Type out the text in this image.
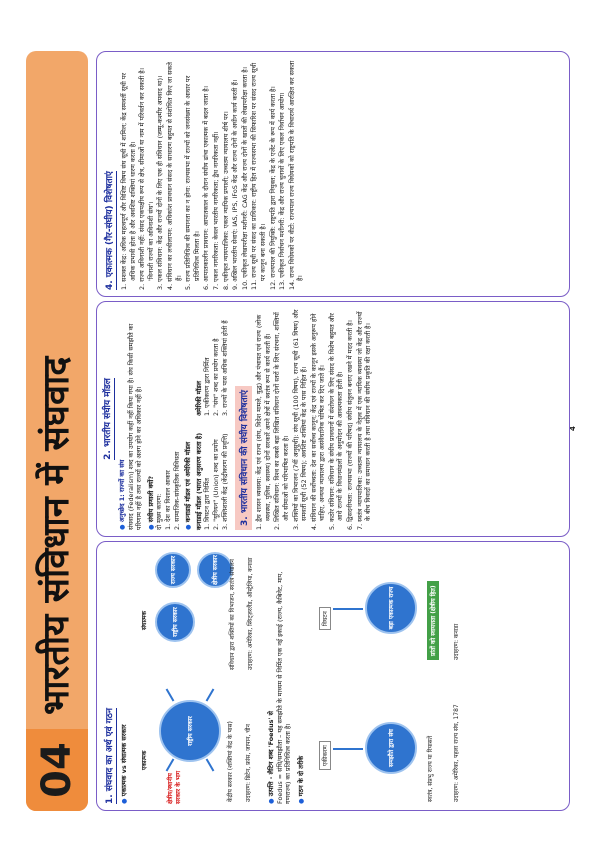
04
भारतीय संविधान में संघवाद
1. संघवाद का अर्थ एवं गठन ● एकात्मक vs संघात्मक सरकार एकात्मक
संघात्मक
राष्ट्रीय सरकार
क्षेत्रीय/स्थानीय सरकार के भाग	केंद्रीय सरकार (शक्तियां केंद्र के पास) उदाहरण: ब्रिटेन, फ्रांस, जापान, चीन
राष्ट्रीय सरकार
राज्य सरकार	क्षेत्रीय सरकार	संविधान द्वारा शक्तियों का विभाजन, स्वतंत्र संचालन उदाहरण: अमेरिका, स्विट्ज़रलैंड, ऑस्ट्रेलिया, कनाडा
● उत्पत्ति - लैटिन शब्द 'Foedus' से Foedus = संधि/समझौता – यह समझौते के माध्यम से निर्मित एक नई इकाई (राज्य, कैबिनेट, माप, गणराज्य) का प्रतिनिधित्व करता है। ● गठन के दो तरीके
एकीकरण
विघटन
समझौते द्वारा संघ
बड़ा एकात्मक राज्य
स्वतंत्र, संप्रभु राज्य या रियासतें
प्रांतों को स्वायत्तता (क्षेत्रीय हित)
उदाहरण: अमेरिका, पहला राज्य संघ, 1787
उदाहरण: कनाडा
2. भारतीय संघीय मॉडल
● अनुच्छेद 1: राज्यों का संघ संघवाद (Federalism) शब्द का उपयोग कहीं नहीं किया गया है। संघ किसी समझौते का परिणाम नहीं है तथा राज्यों को अलग होने का अधिकार नहीं है। ● संघीय प्रणाली क्यों? दो मुख्य कारण: 1. देश का विशाल आकार 2. सामाजिक-सांस्कृतिक विविधता ● कनाडाई मॉडल एवं अमेरिकी मॉडल कनाडाई मॉडल (भारत अनुसरण करता है) 1. विघटन द्वारा निर्मित 2. "यूनियन" (Union) शब्द का प्रयोग 3. शक्तिशाली केंद्र (केंद्रीकरण की प्रवृत्ति)
अमेरिकी मॉडल 1. एकीकरण द्वारा निर्मित 2. "संघ" शब्द का प्रयोग करता है 3. राज्यों के पास अधिक शक्तियां होती हैं
3. भारतीय संविधान की संघीय विशेषताएं 1. द्वैध शासन व्यवस्था: केंद्र एवं राज्य (संघ, विदेश मामले, युद्ध) और पंचायत एवं राज्य (लोक व्यवस्था, पुलिस, स्वास्थ्य) दोनों सरकारें अपने क्षेत्रों में स्वतंत्र रूप से कार्य करती हैं। 2. लिखित संविधान: विश्व का सबसे बड़ा लिखित संविधान दोनों स्तरों के लिए संरचना, शक्तियों और सीमाओं को परिभाषित करता है। 3. शक्तियों का विभाजन (7वीं अनुसूची): संघ सूची (100 विषय), राज्य सूची (61 विषय) और समवर्ती सूची (52 विषय); अवशिष्ट शक्तियां केंद्र के पास निहित हैं। 4. संविधान की सर्वोच्चता: देश का सर्वोच्च कानून; केंद्र एवं राज्यों के कानून इसके अनुरूप होने चाहिए, अन्यथा न्यायालय द्वारा असंवैधानिक घोषित कर दिए जाते हैं। 5. कठोर संविधान: संविधान के संघीय प्रावधानों में संशोधन के लिए संसद के विशेष बहुमत और आधे राज्यों के विधानमंडलों के अनुमोदन की आवश्यकता होती है। 6. द्विसदनीयता: राज्यसभा (राज्यों की परिषद) संघीय संतुलन बनाए रखने में मदद करती है। 7. स्वतंत्र न्यायपालिका: उच्चतम न्यायालय के नेतृत्व में एक न्यायिक व्यवस्था जो केंद्र और राज्यों के बीच विवादों का समाधान करती है तथा संविधान की संघीय प्रकृति की रक्षा करती है।
4. एकात्मक (गैर-संघीय) विशेषताएं 1. सशक्त केंद्र: अधिक महत्वपूर्ण और विशिष्ट विषय संघ सूची में शामिल; केंद्र समवर्ती सूची पर अधिक प्रभावी होता है और अवशिष्ट शक्तियां धारण करता है। 2. राज्य अविनाशी नहीं: संसद एकपक्षीय रूप से क्षेत्र, सीमाओं या नाम में परिवर्तन कर सकती है। 'विनाशी राज्यों का अविनाशी संघ'। 3. एकल संविधान: केंद्र और राज्यों दोनों के लिए एक ही संविधान (जम्मू-कश्मीर अपवाद था)। 4. संविधान का लचीलापन: अधिकांश प्रावधान संसद के साधारण बहुमत से संशोधित किए जा सकते हैं। 5. राज्य प्रतिनिधित्व की समानता का न होना: राज्यसभा में राज्यों को जनसंख्या के आधार पर प्रतिनिधित्व मिलता है। 6. आपातकालीन प्रावधान: आपातकाल के दौरान संघीय ढांचा एकात्मक में बदल जाता है। 7. एकल नागरिकता: केवल भारतीय नागरिकता; द्वैध नागरिकता नहीं। 8. एकीकृत न्यायपालिका: एकल न्यायिक प्रणाली; उच्चतम न्यायालय शीर्ष पर। 9. अखिल भारतीय सेवाएं: IAS, IPS, IFoS केंद्र और राज्य दोनों के अधीन कार्य करती हैं। 10. एकीकृत लेखापरीक्षा मशीनरी: CAG केंद्र और राज्य दोनों के खातों की लेखापरीक्षा करता है। 11. राज्य सूची पर संसद का प्राधिकार: राष्ट्रीय हित में राज्यसभा की सिफारिश पर संसद राज्य सूची पर कानून बना सकती है। 12. राज्यपाल की नियुक्ति: राष्ट्रपति द्वारा नियुक्त; केंद्र के एजेंट के रूप में कार्य करता है। 13. एकीकृत निर्वाचन मशीनरी: केंद्र और राज्य चुनावों के लिए एकल निर्वाचन आयोग। 14. राज्य विधेयकों पर वीटो: राज्यपाल राज्य विधेयकों को राष्ट्रपति के विचारार्थ आरक्षित कर सकता है।
4
